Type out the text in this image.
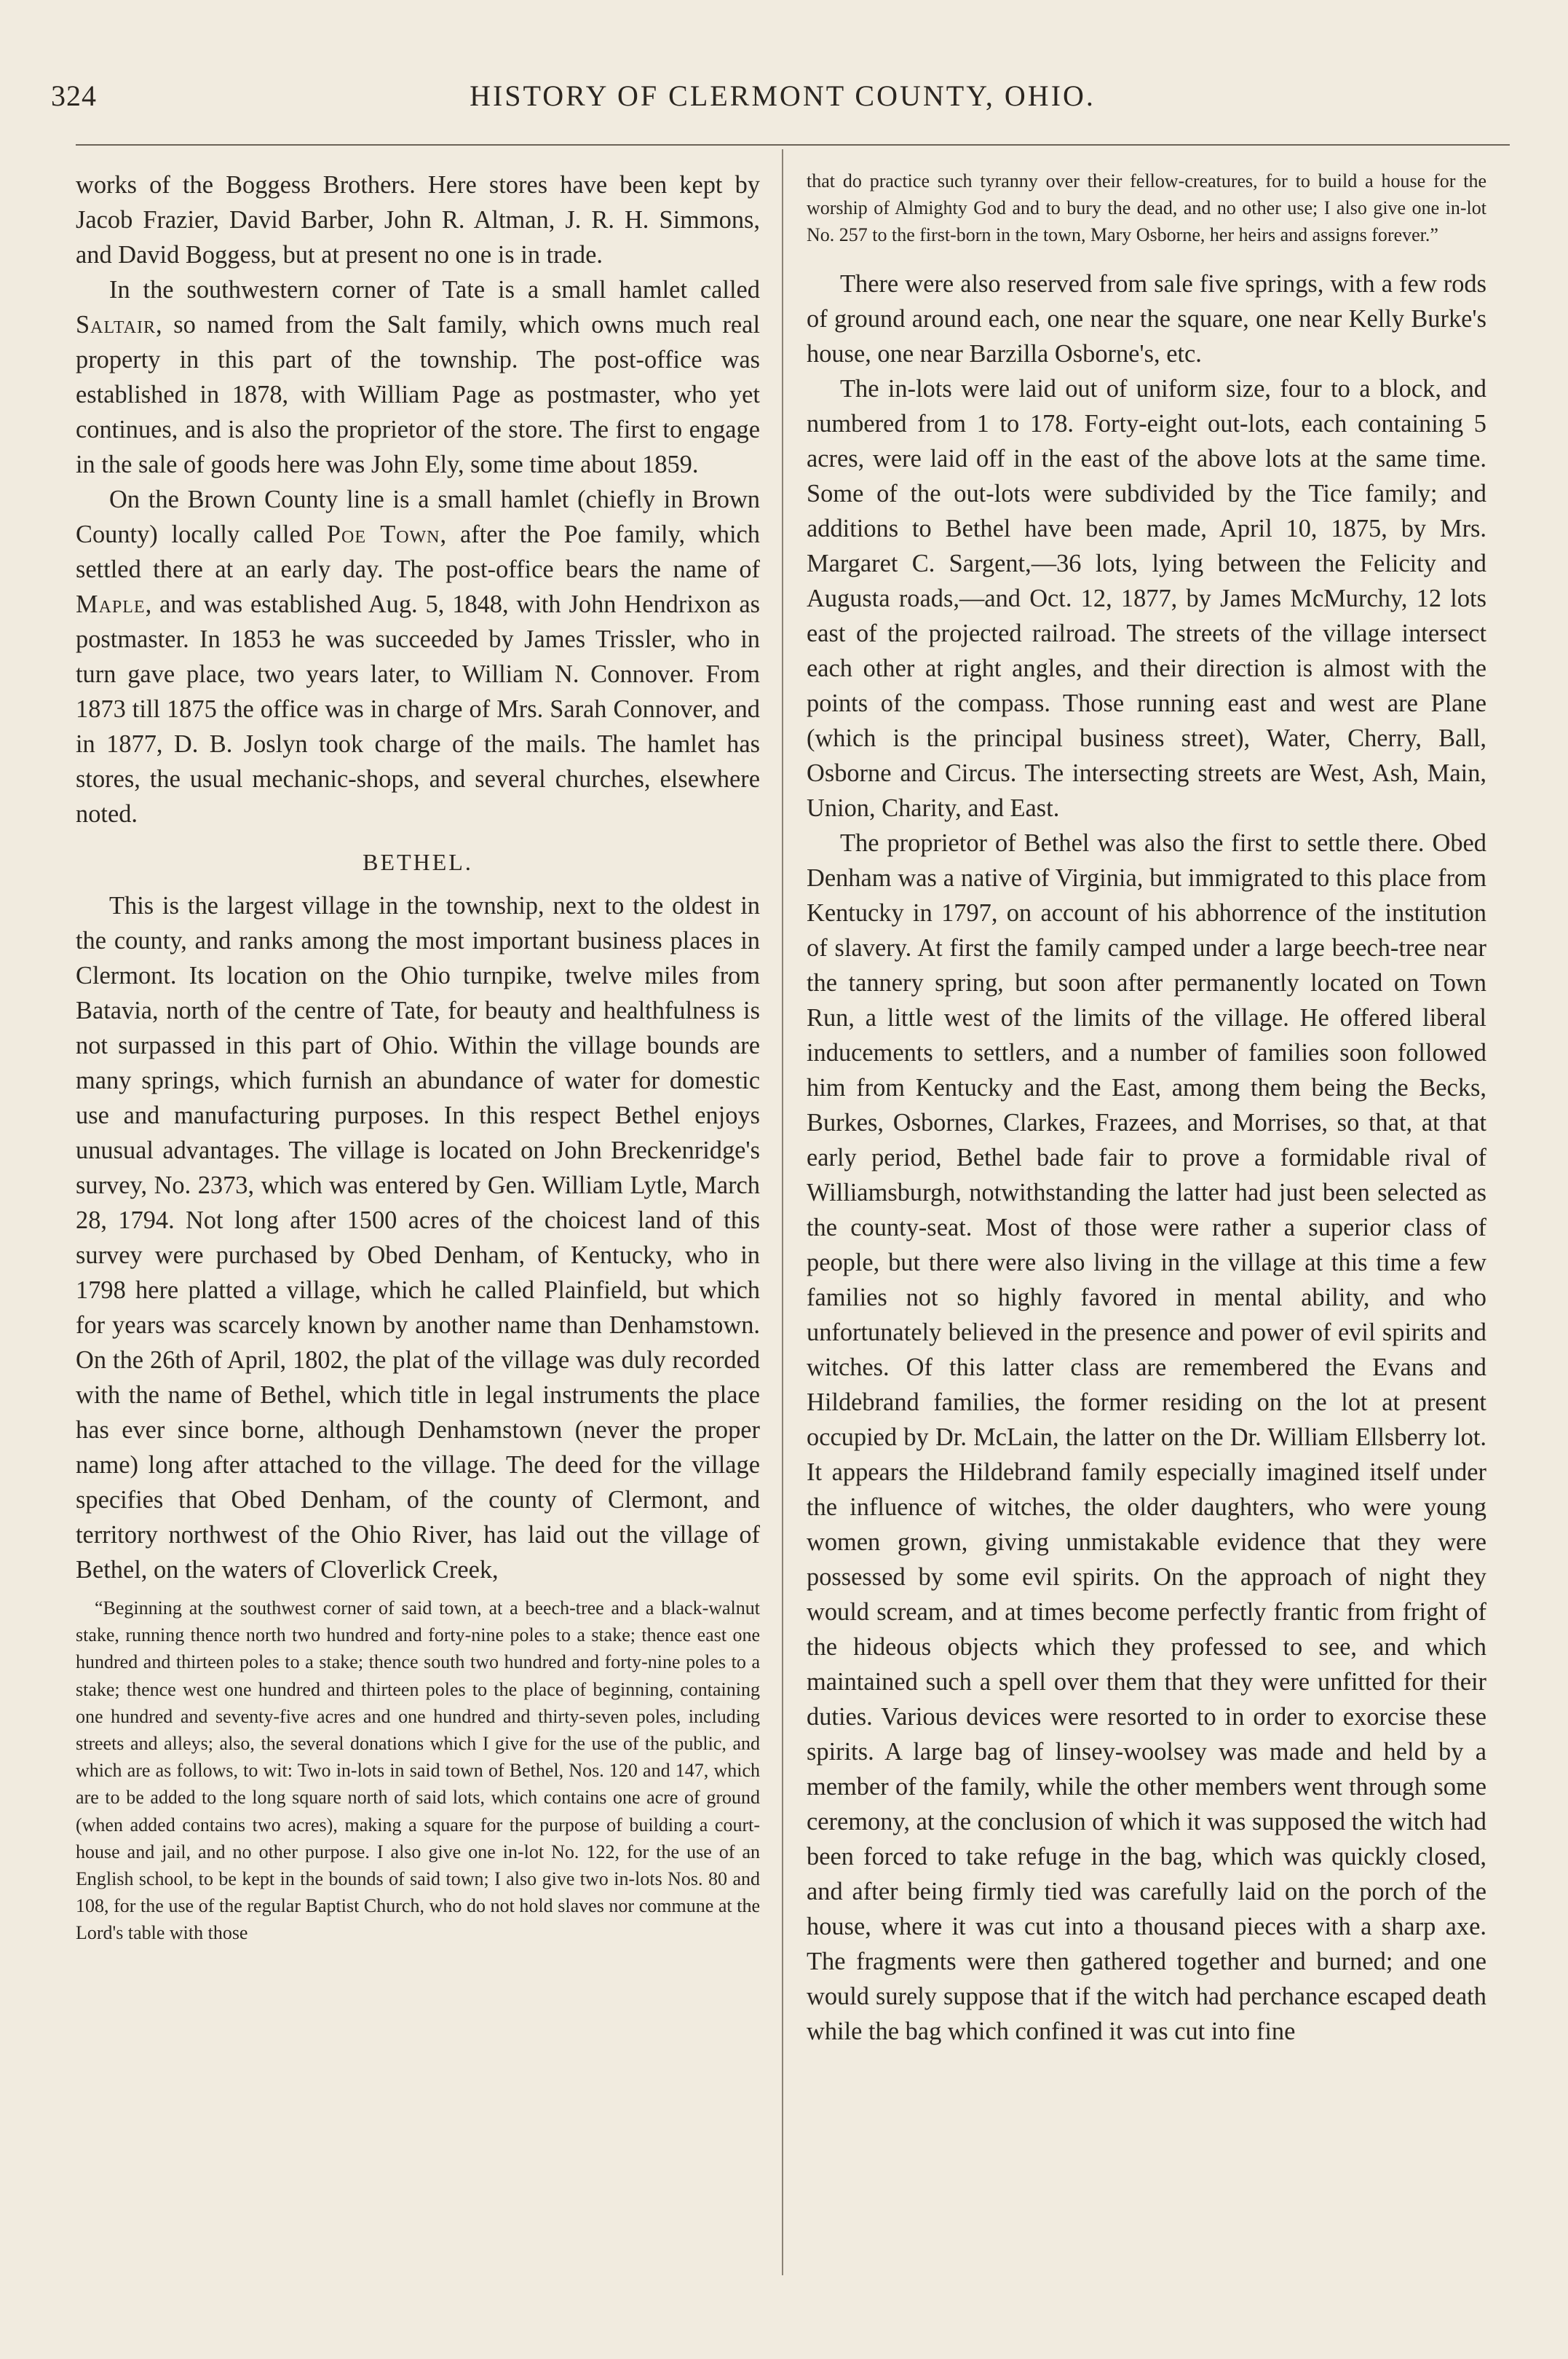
324	HISTORY OF CLERMONT COUNTY, OHIO.

works of the Boggess Brothers. Here stores have been kept by Jacob Frazier, David Barber, John R. Altman, J. R. H. Simmons, and David Boggess, but at present no one is in trade.

In the southwestern corner of Tate is a small hamlet called Saltair, so named from the Salt family, which owns much real property in this part of the township. The post-office was established in 1878, with William Page as postmaster, who yet continues, and is also the proprietor of the store. The first to engage in the sale of goods here was John Ely, some time about 1859.

On the Brown County line is a small hamlet (chiefly in Brown County) locally called Poe Town, after the Poe family, which settled there at an early day. The post-office bears the name of Maple, and was established Aug. 5, 1848, with John Hendrixon as postmaster. In 1853 he was succeeded by James Trissler, who in turn gave place, two years later, to William N. Connover. From 1873 till 1875 the office was in charge of Mrs. Sarah Connover, and in 1877, D. B. Joslyn took charge of the mails. The hamlet has stores, the usual mechanic-shops, and several churches, elsewhere noted.

BETHEL.

This is the largest village in the township, next to the oldest in the county, and ranks among the most important business places in Clermont. Its location on the Ohio turnpike, twelve miles from Batavia, north of the centre of Tate, for beauty and healthfulness is not surpassed in this part of Ohio. Within the village bounds are many springs, which furnish an abundance of water for domestic use and manufacturing purposes. In this respect Bethel enjoys unusual advantages. The village is located on John Breckenridge's survey, No. 2373, which was entered by Gen. William Lytle, March 28, 1794. Not long after 1500 acres of the choicest land of this survey were purchased by Obed Denham, of Kentucky, who in 1798 here platted a village, which he called Plainfield, but which for years was scarcely known by another name than Denhamstown. On the 26th of April, 1802, the plat of the village was duly recorded with the name of Bethel, which title in legal instruments the place has ever since borne, although Denhamstown (never the proper name) long after attached to the village. The deed for the village specifies that Obed Denham, of the county of Clermont, and territory northwest of the Ohio River, has laid out the village of Bethel, on the waters of Cloverlick Creek,

“Beginning at the southwest corner of said town, at a beech-tree and a black-walnut stake, running thence north two hundred and forty-nine poles to a stake; thence east one hundred and thirteen poles to a stake; thence south two hundred and forty-nine poles to a stake; thence west one hundred and thirteen poles to the place of beginning, containing one hundred and seventy-five acres and one hundred and thirty-seven poles, including streets and alleys; also, the several donations which I give for the use of the public, and which are as follows, to wit: Two in-lots in said town of Bethel, Nos. 120 and 147, which are to be added to the long square north of said lots, which contains one acre of ground (when added contains two acres), making a square for the purpose of building a court-house and jail, and no other purpose. I also give one in-lot No. 122, for the use of an English school, to be kept in the bounds of said town; I also give two in-lots Nos. 80 and 108, for the use of the regular Baptist Church, who do not hold slaves nor commune at the Lord's table with those

that do practice such tyranny over their fellow-creatures, for to build a house for the worship of Almighty God and to bury the dead, and no other use; I also give one in-lot No. 257 to the first-born in the town, Mary Osborne, her heirs and assigns forever.”

There were also reserved from sale five springs, with a few rods of ground around each, one near the square, one near Kelly Burke's house, one near Barzilla Osborne's, etc.

The in-lots were laid out of uniform size, four to a block, and numbered from 1 to 178. Forty-eight out-lots, each containing 5 acres, were laid off in the east of the above lots at the same time. Some of the out-lots were subdivided by the Tice family; and additions to Bethel have been made, April 10, 1875, by Mrs. Margaret C. Sargent,—36 lots, lying between the Felicity and Augusta roads,—and Oct. 12, 1877, by James McMurchy, 12 lots east of the projected railroad. The streets of the village intersect each other at right angles, and their direction is almost with the points of the compass. Those running east and west are Plane (which is the principal business street), Water, Cherry, Ball, Osborne and Circus. The intersecting streets are West, Ash, Main, Union, Charity, and East.

The proprietor of Bethel was also the first to settle there. Obed Denham was a native of Virginia, but immigrated to this place from Kentucky in 1797, on account of his abhorrence of the institution of slavery. At first the family camped under a large beech-tree near the tannery spring, but soon after permanently located on Town Run, a little west of the limits of the village. He offered liberal inducements to settlers, and a number of families soon followed him from Kentucky and the East, among them being the Becks, Burkes, Osbornes, Clarkes, Frazees, and Morrises, so that, at that early period, Bethel bade fair to prove a formidable rival of Williamsburgh, notwithstanding the latter had just been selected as the county-seat. Most of those were rather a superior class of people, but there were also living in the village at this time a few families not so highly favored in mental ability, and who unfortunately believed in the presence and power of evil spirits and witches. Of this latter class are remembered the Evans and Hildebrand families, the former residing on the lot at present occupied by Dr. McLain, the latter on the Dr. William Ellsberry lot. It appears the Hildebrand family especially imagined itself under the influence of witches, the older daughters, who were young women grown, giving unmistakable evidence that they were possessed by some evil spirits. On the approach of night they would scream, and at times become perfectly frantic from fright of the hideous objects which they professed to see, and which maintained such a spell over them that they were unfitted for their duties. Various devices were resorted to in order to exorcise these spirits. A large bag of linsey-woolsey was made and held by a member of the family, while the other members went through some ceremony, at the conclusion of which it was supposed the witch had been forced to take refuge in the bag, which was quickly closed, and after being firmly tied was carefully laid on the porch of the house, where it was cut into a thousand pieces with a sharp axe. The fragments were then gathered together and burned; and one would surely suppose that if the witch had perchance escaped death while the bag which confined it was cut into fine
